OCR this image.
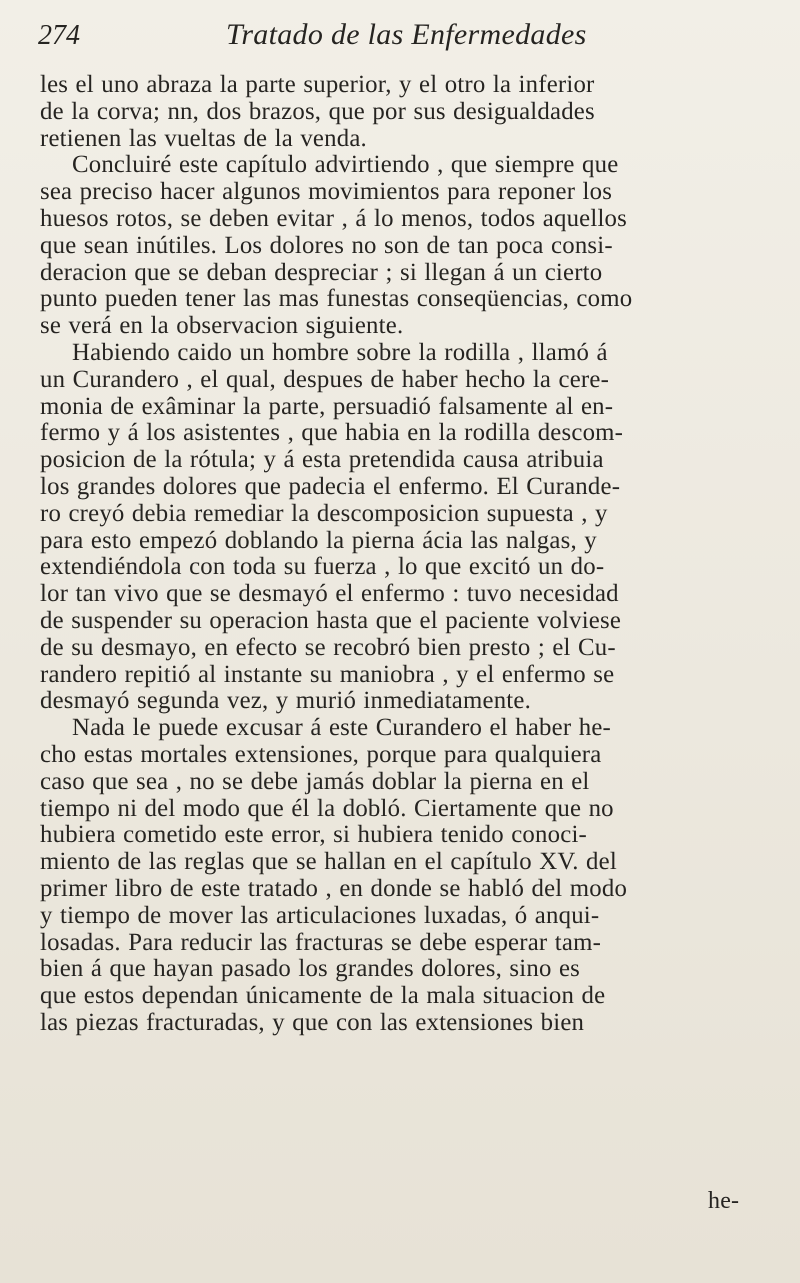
274	Tratado de las Enfermedades
les el uno abraza la parte superior, y el otro la inferior
de la corva; nn, dos brazos, que por sus desigualdades
retienen las vueltas de la venda.
Concluiré este capítulo advirtiendo , que siempre que
sea preciso hacer algunos movimientos para reponer los
huesos rotos, se deben evitar , á lo menos, todos aquellos
que sean inútiles. Los dolores no son de tan poca consi-
deracion que se deban despreciar ; si llegan á un cierto
punto pueden tener las mas funestas conseqüencias, como
se verá en la observacion siguiente.
Habiendo caido un hombre sobre la rodilla , llamó á
un Curandero , el qual, despues de haber hecho la cere-
monia de exâminar la parte, persuadió falsamente al en-
fermo y á los asistentes , que habia en la rodilla descom-
posicion de la rótula; y á esta pretendida causa atribuia
los grandes dolores que padecia el enfermo. El Curande-
ro creyó debia remediar la descomposicion supuesta , y
para esto empezó doblando la pierna ácia las nalgas, y
extendiéndola con toda su fuerza , lo que excitó un do-
lor tan vivo que se desmayó el enfermo : tuvo necesidad
de suspender su operacion hasta que el paciente volviese
de su desmayo, en efecto se recobró bien presto ; el Cu-
randero repitió al instante su maniobra , y el enfermo se
desmayó segunda vez, y murió inmediatamente.
Nada le puede excusar á este Curandero el haber he-
cho estas mortales extensiones, porque para qualquiera
caso que sea , no se debe jamás doblar la pierna en el
tiempo ni del modo que él la dobló. Ciertamente que no
hubiera cometido este error, si hubiera tenido conoci-
miento de las reglas que se hallan en el capítulo XV. del
primer libro de este tratado , en donde se habló del modo
y tiempo de mover las articulaciones luxadas, ó anqui-
losadas. Para reducir las fracturas se debe esperar tam-
bien á que hayan pasado los grandes dolores, sino es
que estos dependan únicamente de la mala situacion de
las piezas fracturadas, y que con las extensiones bien
he-
